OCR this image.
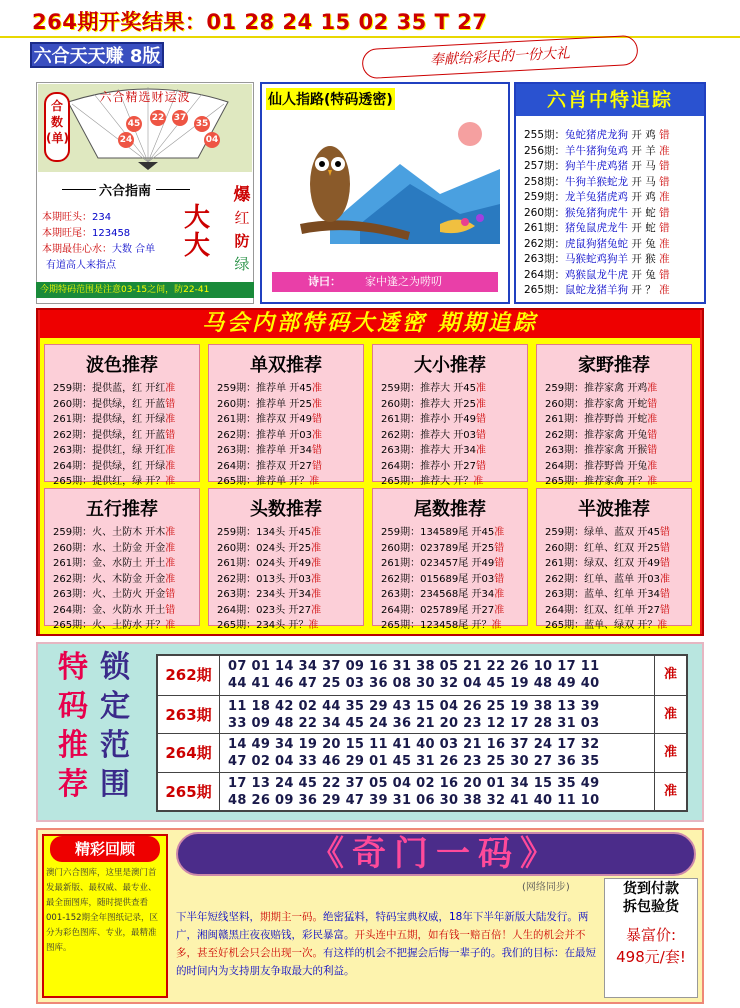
264期开奖结果：01 28 24 15 02 35 T 27
六合天天赚 8版	奉献给彩民的一份大礼
合数(单)
六合精选财运波
45
22 37
35
24	04
六合指南
本期旺头：234
本期旺尾：123458
本期最佳心水：大数 合单
有道高人来指点
大
大
爆
红
防
绿
今期特码范围是注意03-15之间，防22-41
仙人指路(特码透密)
诗曰： 家中逢之为唠叨
六肖中特追踪
255期：兔蛇猪虎龙狗 开 鸡 错
256期：羊牛猪狗兔鸡 开 羊 准
257期：狗羊牛虎鸡猪 开 马 错
258期：牛狗羊猴蛇龙 开 马 错
259期：龙羊兔猪虎鸡 开 鸡 准
260期：猴兔猪狗虎牛 开 蛇 错
261期：猪兔鼠虎龙牛 开 蛇 错
262期：虎鼠狗猪兔蛇 开 兔 准
263期：马猴蛇鸡狗羊 开 猴 准
264期：鸡猴鼠龙牛虎 开 兔 错
265期：鼠蛇龙猪羊狗 开 ？ 准
马会内部特码大透密 期期追踪
波色推荐
259期：提供蓝，红 开红准
260期：提供绿，红 开蓝错
261期：提供绿，红 开绿准
262期：提供绿，红 开蓝错
263期：提供红，绿 开红准
264期：提供绿，红 开绿准
265期：提供红，绿 开？准
单双推荐
259期：推荐单 开45准
260期：推荐单 开25准
261期：推荐双 开49错
262期：推荐单 开03准
263期：推荐单 开34错
264期：推荐双 开27错
265期：推荐单 开？准
大小推荐
259期：推荐大 开45准
260期：推荐大 开25准
261期：推荐小 开49错
262期：推荐大 开03错
263期：推荐大 开34准
264期：推荐小 开27错
265期：推荐大 开？准
家野推荐
259期：推荐家禽 开鸡准
260期：推荐家禽 开蛇错
261期：推荐野兽 开蛇准
262期：推荐家禽 开兔错
263期：推荐家禽 开猴错
264期：推荐野兽 开兔准
265期：推荐家禽 开？准
五行推荐
259期：火、土防木 开木准
260期：水、土防金 开金准
261期：金、水防土 开土准
262期：火、木防金 开金准
263期：火、土防火 开金错
264期：金、火防水 开土错
265期：火、土防水 开？准
头数推荐
259期：134头 开45准
260期：024头 开25准
261期：024头 开49准
262期：013头 开03准
263期：234头 开34准
264期：023头 开27准
265期：234头 开？准
尾数推荐
259期：134589尾 开45准
260期：023789尾 开25错
261期：023457尾 开49错
262期：015689尾 开03错
263期：234568尾 开34准
264期：025789尾 开27准
265期：123458尾 开？准
半波推荐
259期：绿单、蓝双 开45错
260期：红单、红双 开25错
261期：绿双、红双 开49错
262期：红单、蓝单 开03准
263期：蓝单、红单 开34错
264期：红双、红单 开27错
265期：蓝单、绿双 开？准
特
码
推
荐
锁
定
范
围
262期	07 01 14 34 37 09 16 31 38 05 21 22 26 10 17 11
44 41 46 47 25 03 36 08 30 32 04 45 19 48 49 40
准
263期	11 18 42 02 44 35 29 43 15 04 26 25 19 38 13 39
33 09 48 22 34 45 24 36 21 20 23 12 17 28 31 03
准
264期	14 49 34 19 20 15 11 41 40 03 21 16 37 24 17 32
47 02 04 33 46 29 01 45 31 26 23 25 30 27 36 35
准
265期	17 13 24 45 22 37 05 04 02 16 20 01 34 15 35 49
48 26 09 36 29 47 39 31 06 30 38 32 41 40 11 10
准
精彩回顾
澳门六合图库，这里是澳门首发最新版、最权威、最专业、最全面图库，随时提供查看001-152期全年图纸记录，区分为彩色图库、专业，最精准图库。
《奇门一码》
(网络同步)
下半年短线坚料，期期主一码。绝密猛料，特码宝典权威，18年下半年新版大陆发行。两广，湘闽赣黑庄夜夜赔钱，彩民暴富。开头连中五期，如有钱一赔百倍！人生的机会并不多，甚至好机会只会出现一次。有这样的机会不把握会后悔一辈子的。我们的目标：在最短的时间内为支持朋友争取最大的利益。
货到付款
拆包验货
暴富价:
498元/套!
